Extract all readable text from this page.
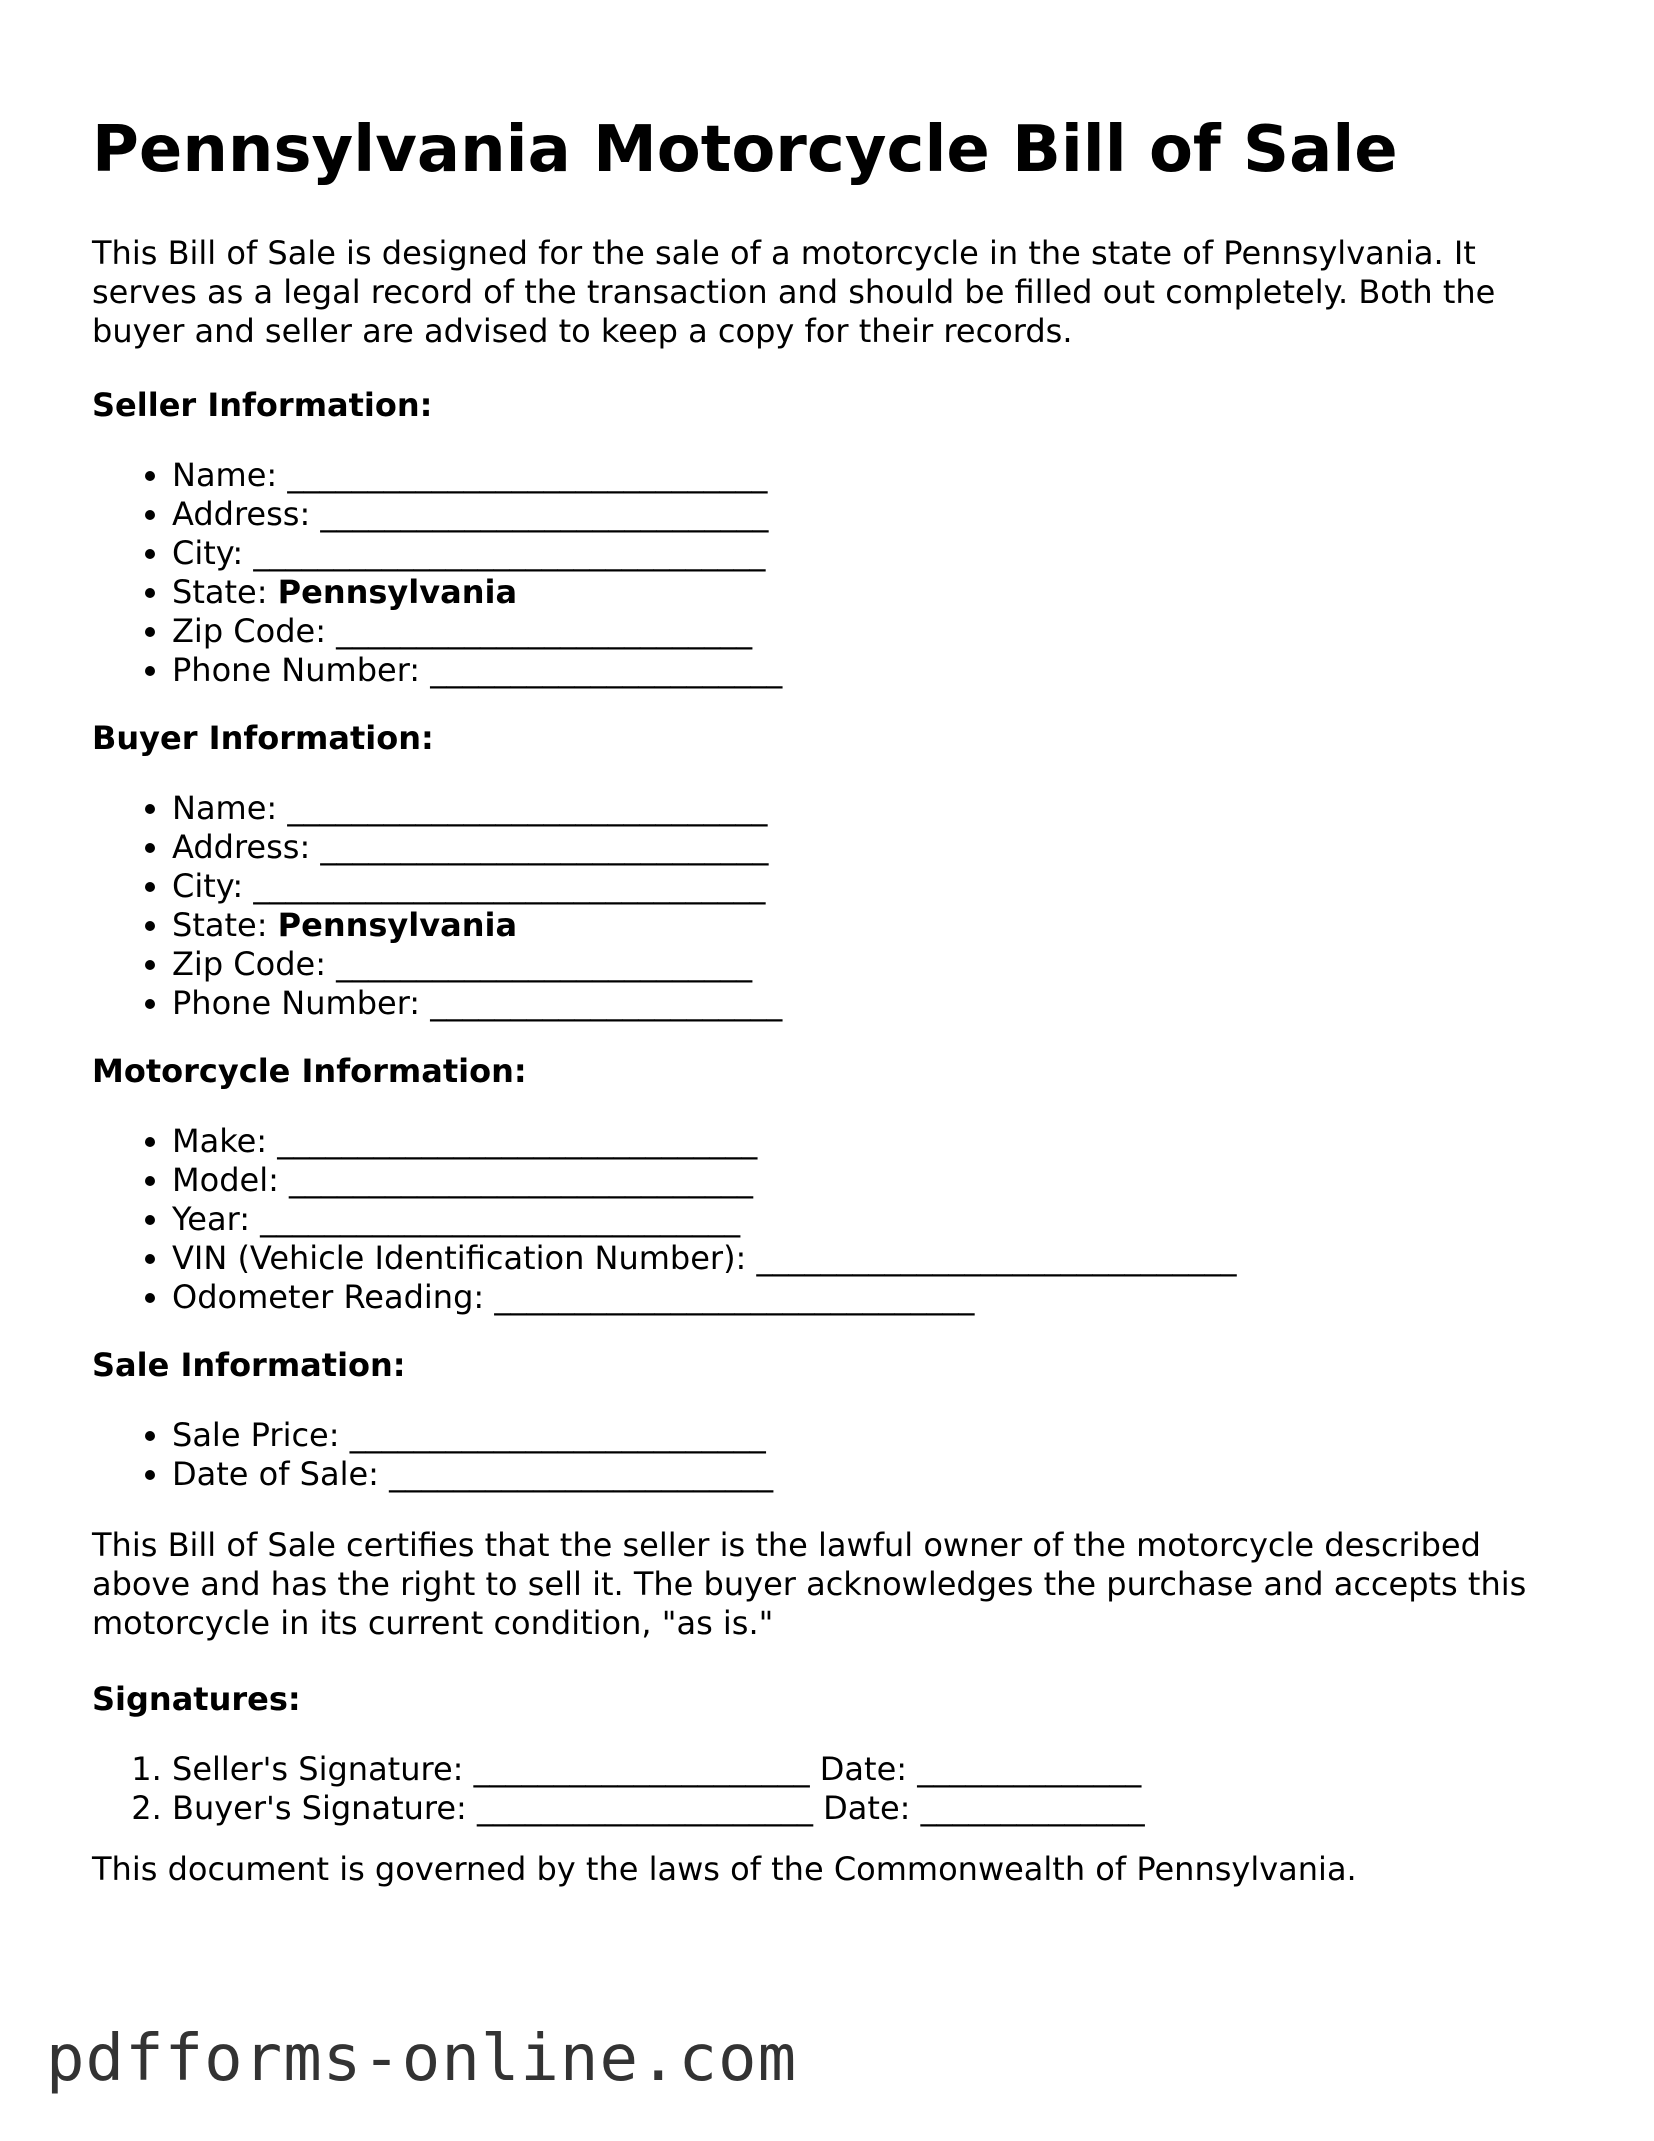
Pennsylvania Motorcycle Bill of Sale

This Bill of Sale is designed for the sale of a motorcycle in the state of Pennsylvania. It serves as a legal record of the transaction and should be filled out completely. Both the buyer and seller are advised to keep a copy for their records.

Seller Information:

• Name: ______________________________
• Address: ____________________________
• City: ________________________________
• State: Pennsylvania
• Zip Code: __________________________
• Phone Number: ______________________

Buyer Information:

• Name: ______________________________
• Address: ____________________________
• City: ________________________________
• State: Pennsylvania
• Zip Code: __________________________
• Phone Number: ______________________

Motorcycle Information:

• Make: ______________________________
• Model: _____________________________
• Year: ______________________________
• VIN (Vehicle Identification Number): ______________________________
• Odometer Reading: ______________________________

Sale Information:

• Sale Price: __________________________
• Date of Sale: ________________________

This Bill of Sale certifies that the seller is the lawful owner of the motorcycle described above and has the right to sell it. The buyer acknowledges the purchase and accepts this motorcycle in its current condition, "as is."

Signatures:

1. Seller's Signature: _____________________ Date: ______________
2. Buyer's Signature: _____________________ Date: ______________

This document is governed by the laws of the Commonwealth of Pennsylvania.

pdfforms-online.com
